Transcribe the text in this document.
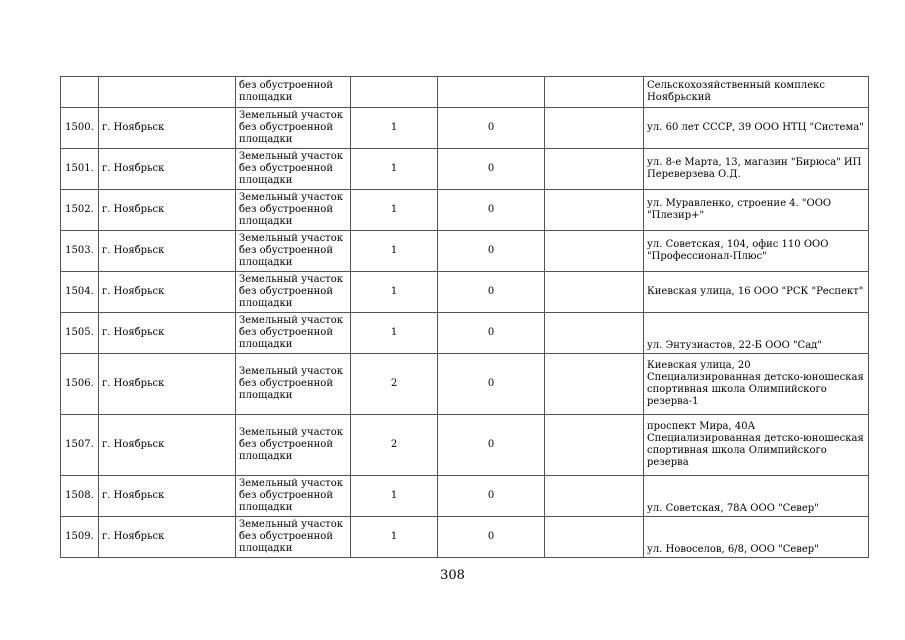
		без обустроенной площадки				Сельскохозяйственный комплекс Ноябрьский
1500.	г. Ноябрьск	Земельный участок без обустроенной площадки	1	0		ул. 60 лет СССР, 39 ООО НТЦ "Система"
1501.	г. Ноябрьск	Земельный участок без обустроенной площадки	1	0		ул. 8-е Марта, 13, магазин "Бирюса" ИП Переверзева О.Д.
1502.	г. Ноябрьск	Земельный участок без обустроенной площадки	1	0		ул. Муравленко, строение 4. "ООО "Плезир+"
1503.	г. Ноябрьск	Земельный участок без обустроенной площадки	1	0		ул. Советская, 104, офис 110 ООО "Профессионал-Плюс"
1504.	г. Ноябрьск	Земельный участок без обустроенной площадки	1	0		Киевская улица, 16 ООО "РСК "Респект"
1505.	г. Ноябрьск	Земельный участок без обустроенной площадки	1	0		ул. Энтузиастов, 22-Б ООО "Сад"
1506.	г. Ноябрьск	Земельный участок без обустроенной площадки	2	0		Киевская улица, 20 Специализированная детско-юношеская спортивная школа Олимпийского резерва-1
1507.	г. Ноябрьск	Земельный участок без обустроенной площадки	2	0		проспект Мира, 40А Специализированная детско-юношеская спортивная школа Олимпийского резерва
1508.	г. Ноябрьск	Земельный участок без обустроенной площадки	1	0		ул. Советская, 78А ООО "Север"
1509.	г. Ноябрьск	Земельный участок без обустроенной площадки	1	0		ул. Новоселов, 6/8, ООО "Север"
308
